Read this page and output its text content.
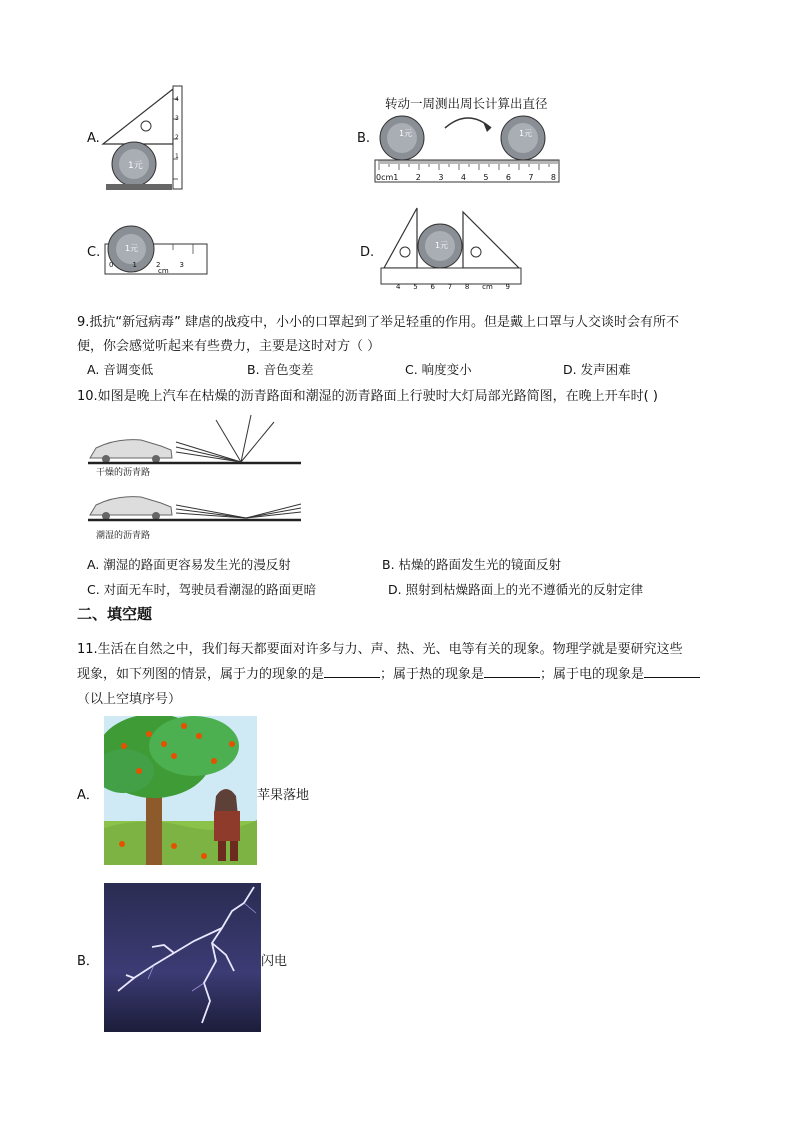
A.
1元
B.
转动一周测出周长计算出直径
0cm1 2 3 4 5 6 7 8
C.	D.
4 5 6 7 8 cm 9
0	1	2	3
cm
1
2
3
4
1元	1元
1元	1元
9.抵抗“新冠病毒” 肆虐的战疫中，小小的口罩起到了举足轻重的作用。但是戴上口罩与人交谈时会有所不
便，你会感觉听起来有些费力，主要是这时对方（ ）
A. 音调变低	B. 音色变差	C. 响度变小	D. 发声困难
10.如图是晚上汽车在枯燥的沥青路面和潮湿的沥青路面上行驶时大灯局部光路简图，在晚上开车时( )
干燥的沥青路
潮湿的沥青路
A. 潮湿的路面更容易发生光的漫反射	B. 枯燥的路面发生光的镜面反射
C. 对面无车时，驾驶员看潮湿的路面更暗	D. 照射到枯燥路面上的光不遵循光的反射定律
二、填空题
11.生活在自然之中，我们每天都要面对许多与力、声、热、光、电等有关的现象。物理学就是要研究这些
现象，如下列图的情景，属于力的现象的是	；属于热的现象是	；属于电的现象是
（以上空填序号）
A．	苹果落地
B．	闪电
